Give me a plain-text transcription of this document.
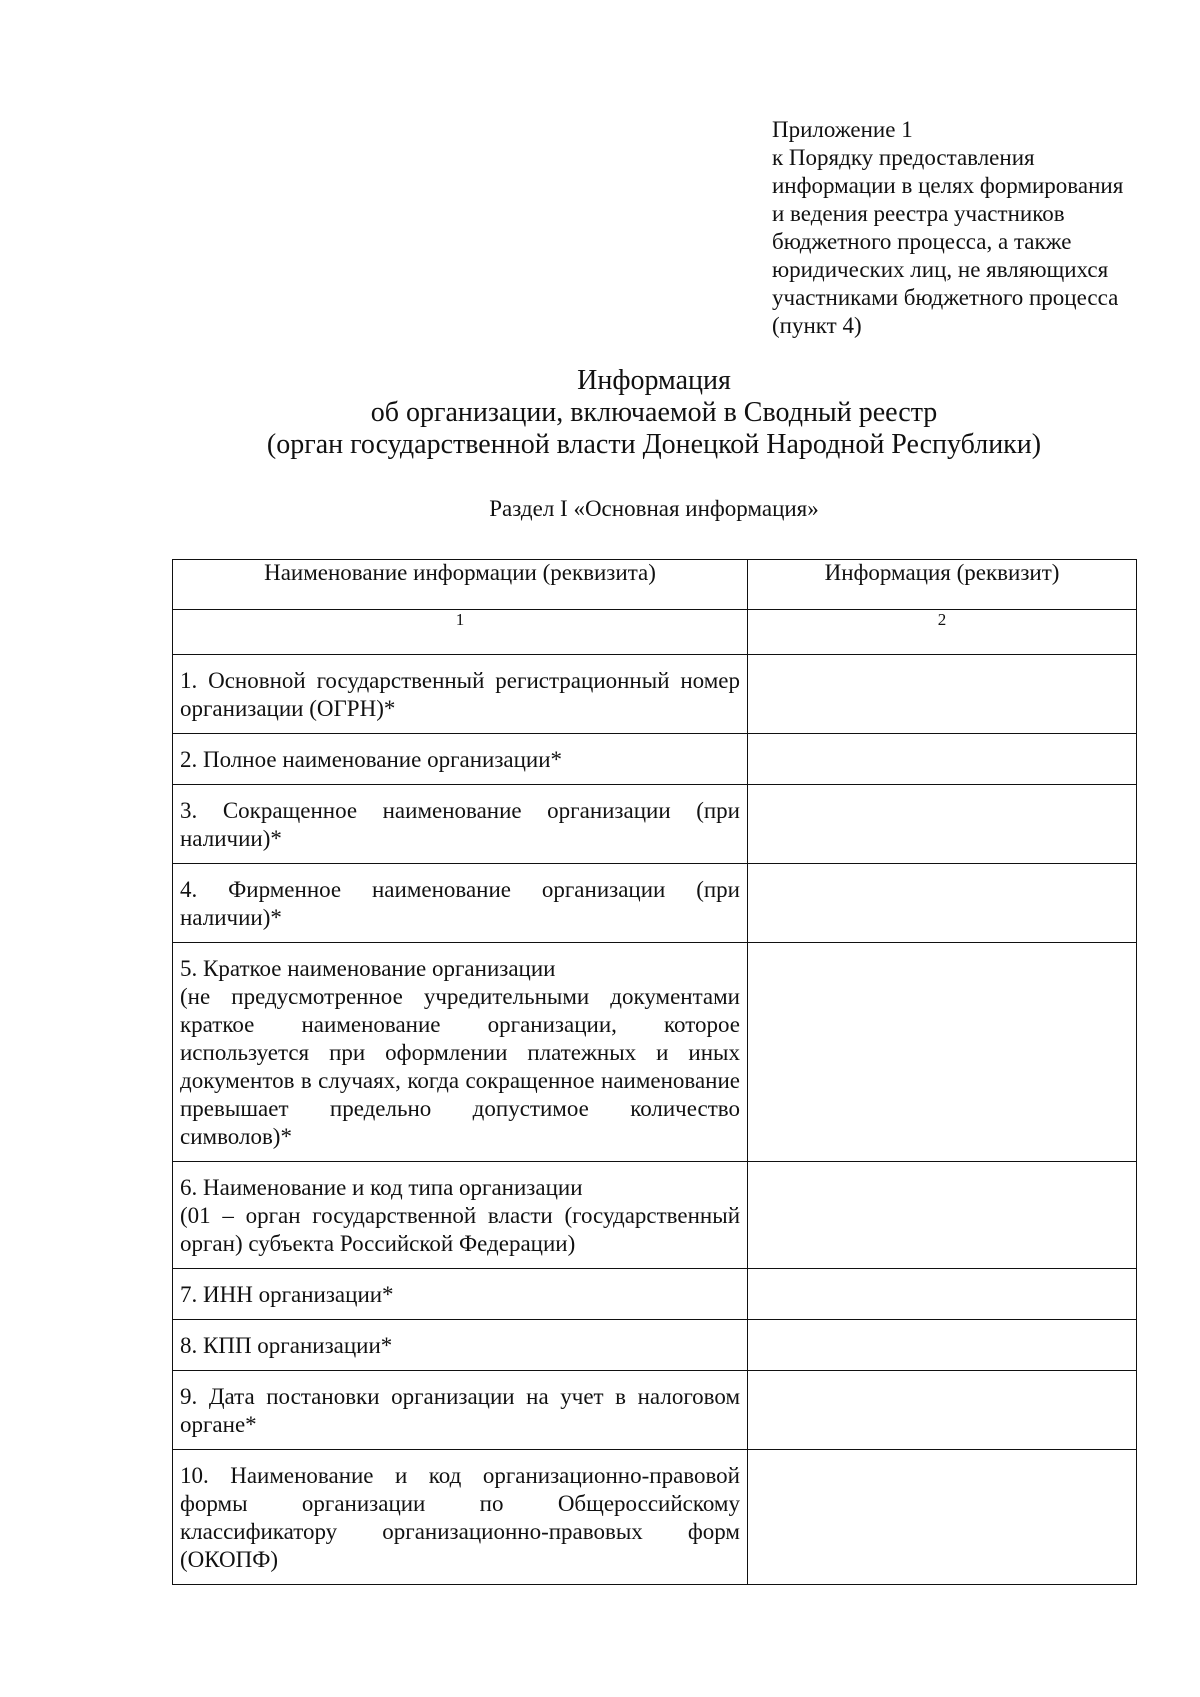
Приложение 1
к Порядку предоставления
информации в целях формирования
и ведения реестра участников
бюджетного процесса, а также
юридических лиц, не являющихся
участниками бюджетного процесса
(пункт 4)
Информация
об организации, включаемой в Сводный реестр
(орган государственной власти Донецкой Народной Республики)
Раздел I «Основная информация»
Наименование информации (реквизита)	Информация (реквизит)
1	2

1. Основной государственный регистрационный номер организации (ОГРН)*	

2. Полное наименование организации*	

3. Сокращенное наименование организации (при наличии)*	

4. Фирменное наименование организации (при наличии)*	

5. Краткое наименование организации
(не предусмотренное учредительными документами краткое наименование организации, которое используется при оформлении платежных и иных документов в случаях, когда сокращенное наименование превышает предельно допустимое количество символов)*	

6. Наименование и код типа организации
(01 – орган государственной власти (государственный орган) субъекта Российской Федерации)	

7. ИНН организации*	

8. КПП организации*	

9. Дата постановки организации на учет в налоговом органе*	

10. Наименование и код организационно-правовой формы организации по Общероссийскому классификатору организационно-правовых форм (ОКОПФ)	
